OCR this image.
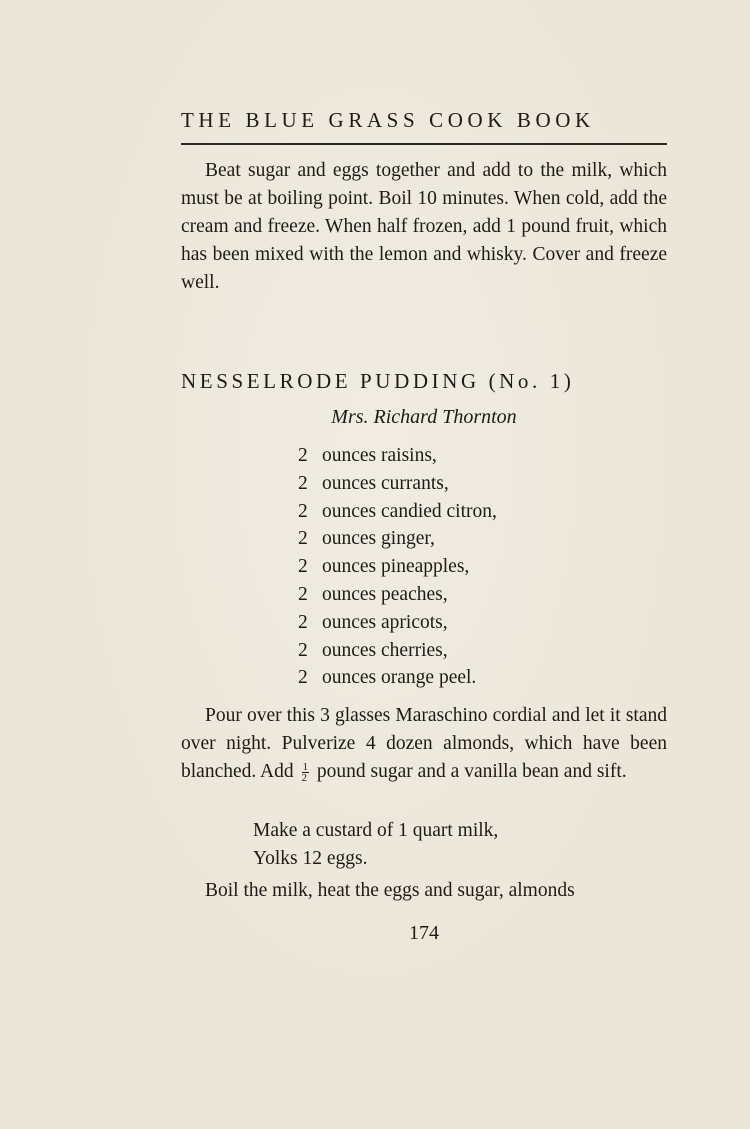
THE BLUE GRASS COOK BOOK

Beat sugar and eggs together and add to the milk, which must be at boiling point. Boil 10 minutes. When cold, add the cream and freeze. When half frozen, add 1 pound fruit, which has been mixed with the lemon and whisky. Cover and freeze well.

NESSELRODE PUDDING (No. 1)
Mrs. Richard Thornton
2 ounces raisins,
2 ounces currants,
2 ounces candied citron,
2 ounces ginger,
2 ounces pineapples,
2 ounces peaches,
2 ounces apricots,
2 ounces cherries,
2 ounces orange peel.

Pour over this 3 glasses Maraschino cordial and let it stand over night. Pulverize 4 dozen almonds, which have been blanched. Add $\frac{1}{2}$ pound sugar and a vanilla bean and sift.

Make a custard of 1 quart milk,
Yolks 12 eggs.

Boil the milk, heat the eggs and sugar, almonds

174
